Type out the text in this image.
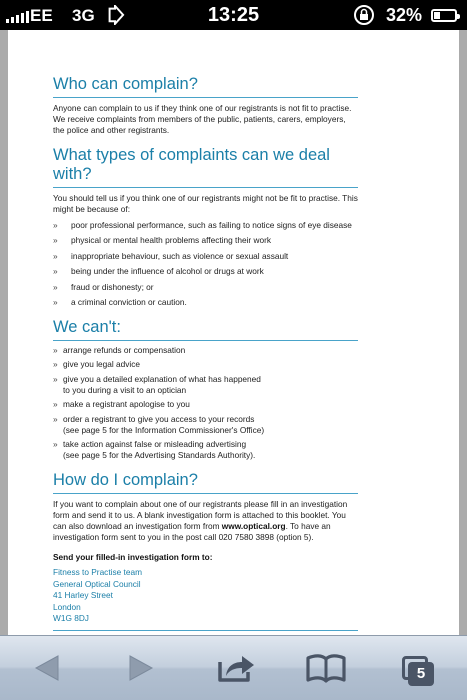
EE 3G	13:25	32%
Who can complain?

Anyone can complain to us if they think one of our registrants is not fit to practise. We receive complaints from members of the public, patients, carers, employers, the police and other registrants.

What types of complaints can we deal with?

You should tell us if you think one of our registrants might not be fit to practise. This might be because of:

» poor professional performance, such as failing to notice signs of eye disease
» physical or mental health problems affecting their work
» inappropriate behaviour, such as violence or sexual assault
» being under the influence of alcohol or drugs at work
» fraud or dishonesty; or
» a criminal conviction or caution.
We can't:
» arrange refunds or compensation
» give you legal advice
» give you a detailed explanation of what has happened
to you during a visit to an optician
» make a registrant apologise to you
» order a registrant to give you access to your records
(see page 5 for the Information Commissioner's Office)
» take action against false or misleading advertising
(see page 5 for the Advertising Standards Authority).
How do I complain?

If you want to complain about one of our registrants please fill in an investigation form and send it to us. A blank investigation form is attached to this booklet. You can also download an investigation form from www.optical.org. To have an investigation form sent to you in the post call 020 7580 3898 (option 5).

Send your filled-in investigation form to:

Fitness to Practise team
General Optical Council
41 Harley Street
London
W1G 8DJ
5
